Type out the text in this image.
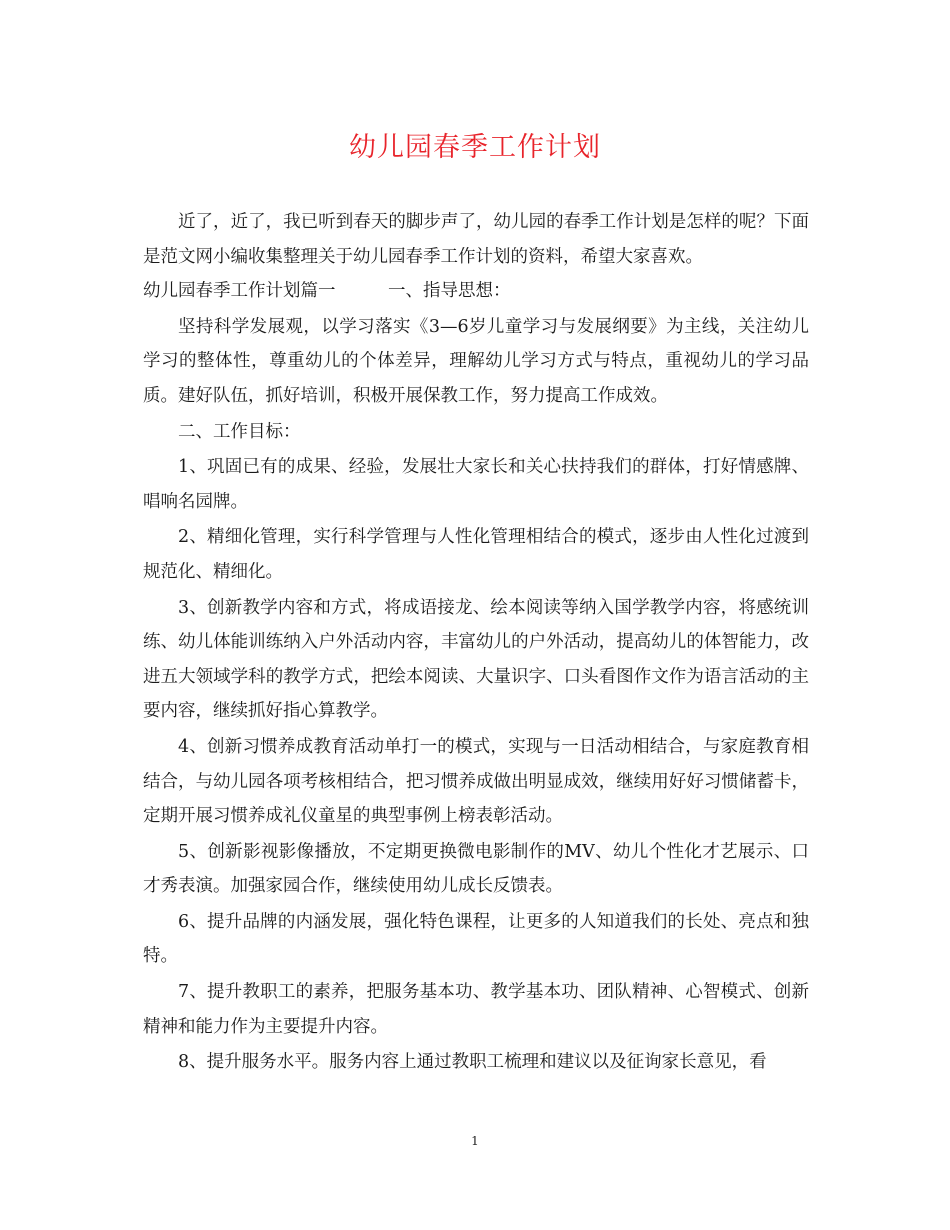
幼儿园春季工作计划

近了，近了，我已听到春天的脚步声了，幼儿园的春季工作计划是怎样的呢？下面是范文网小编收集整理关于幼儿园春季工作计划的资料，希望大家喜欢。

幼儿园春季工作计划篇一　　　一、指导思想：

坚持科学发展观，以学习落实《3—6岁儿童学习与发展纲要》为主线，关注幼儿学习的整体性，尊重幼儿的个体差异，理解幼儿学习方式与特点，重视幼儿的学习品质。建好队伍，抓好培训，积极开展保教工作，努力提高工作成效。

二、工作目标：

1、巩固已有的成果、经验，发展壮大家长和关心扶持我们的群体，打好情感牌、唱响名园牌。

2、精细化管理，实行科学管理与人性化管理相结合的模式，逐步由人性化过渡到规范化、精细化。

3、创新教学内容和方式，将成语接龙、绘本阅读等纳入国学教学内容，将感统训练、幼儿体能训练纳入户外活动内容，丰富幼儿的户外活动，提高幼儿的体智能力，改进五大领域学科的教学方式，把绘本阅读、大量识字、口头看图作文作为语言活动的主要内容，继续抓好指心算教学。

4、创新习惯养成教育活动单打一的模式，实现与一日活动相结合，与家庭教育相结合，与幼儿园各项考核相结合，把习惯养成做出明显成效，继续用好好习惯储蓄卡，定期开展习惯养成礼仪童星的典型事例上榜表彰活动。

5、创新影视影像播放，不定期更换微电影制作的MV、幼儿个性化才艺展示、口才秀表演。加强家园合作，继续使用幼儿成长反馈表。

6、提升品牌的内涵发展，强化特色课程，让更多的人知道我们的长处、亮点和独特。

7、提升教职工的素养，把服务基本功、教学基本功、团队精神、心智模式、创新精神和能力作为主要提升内容。

8、提升服务水平。服务内容上通过教职工梳理和建议以及征询家长意见，看

1
